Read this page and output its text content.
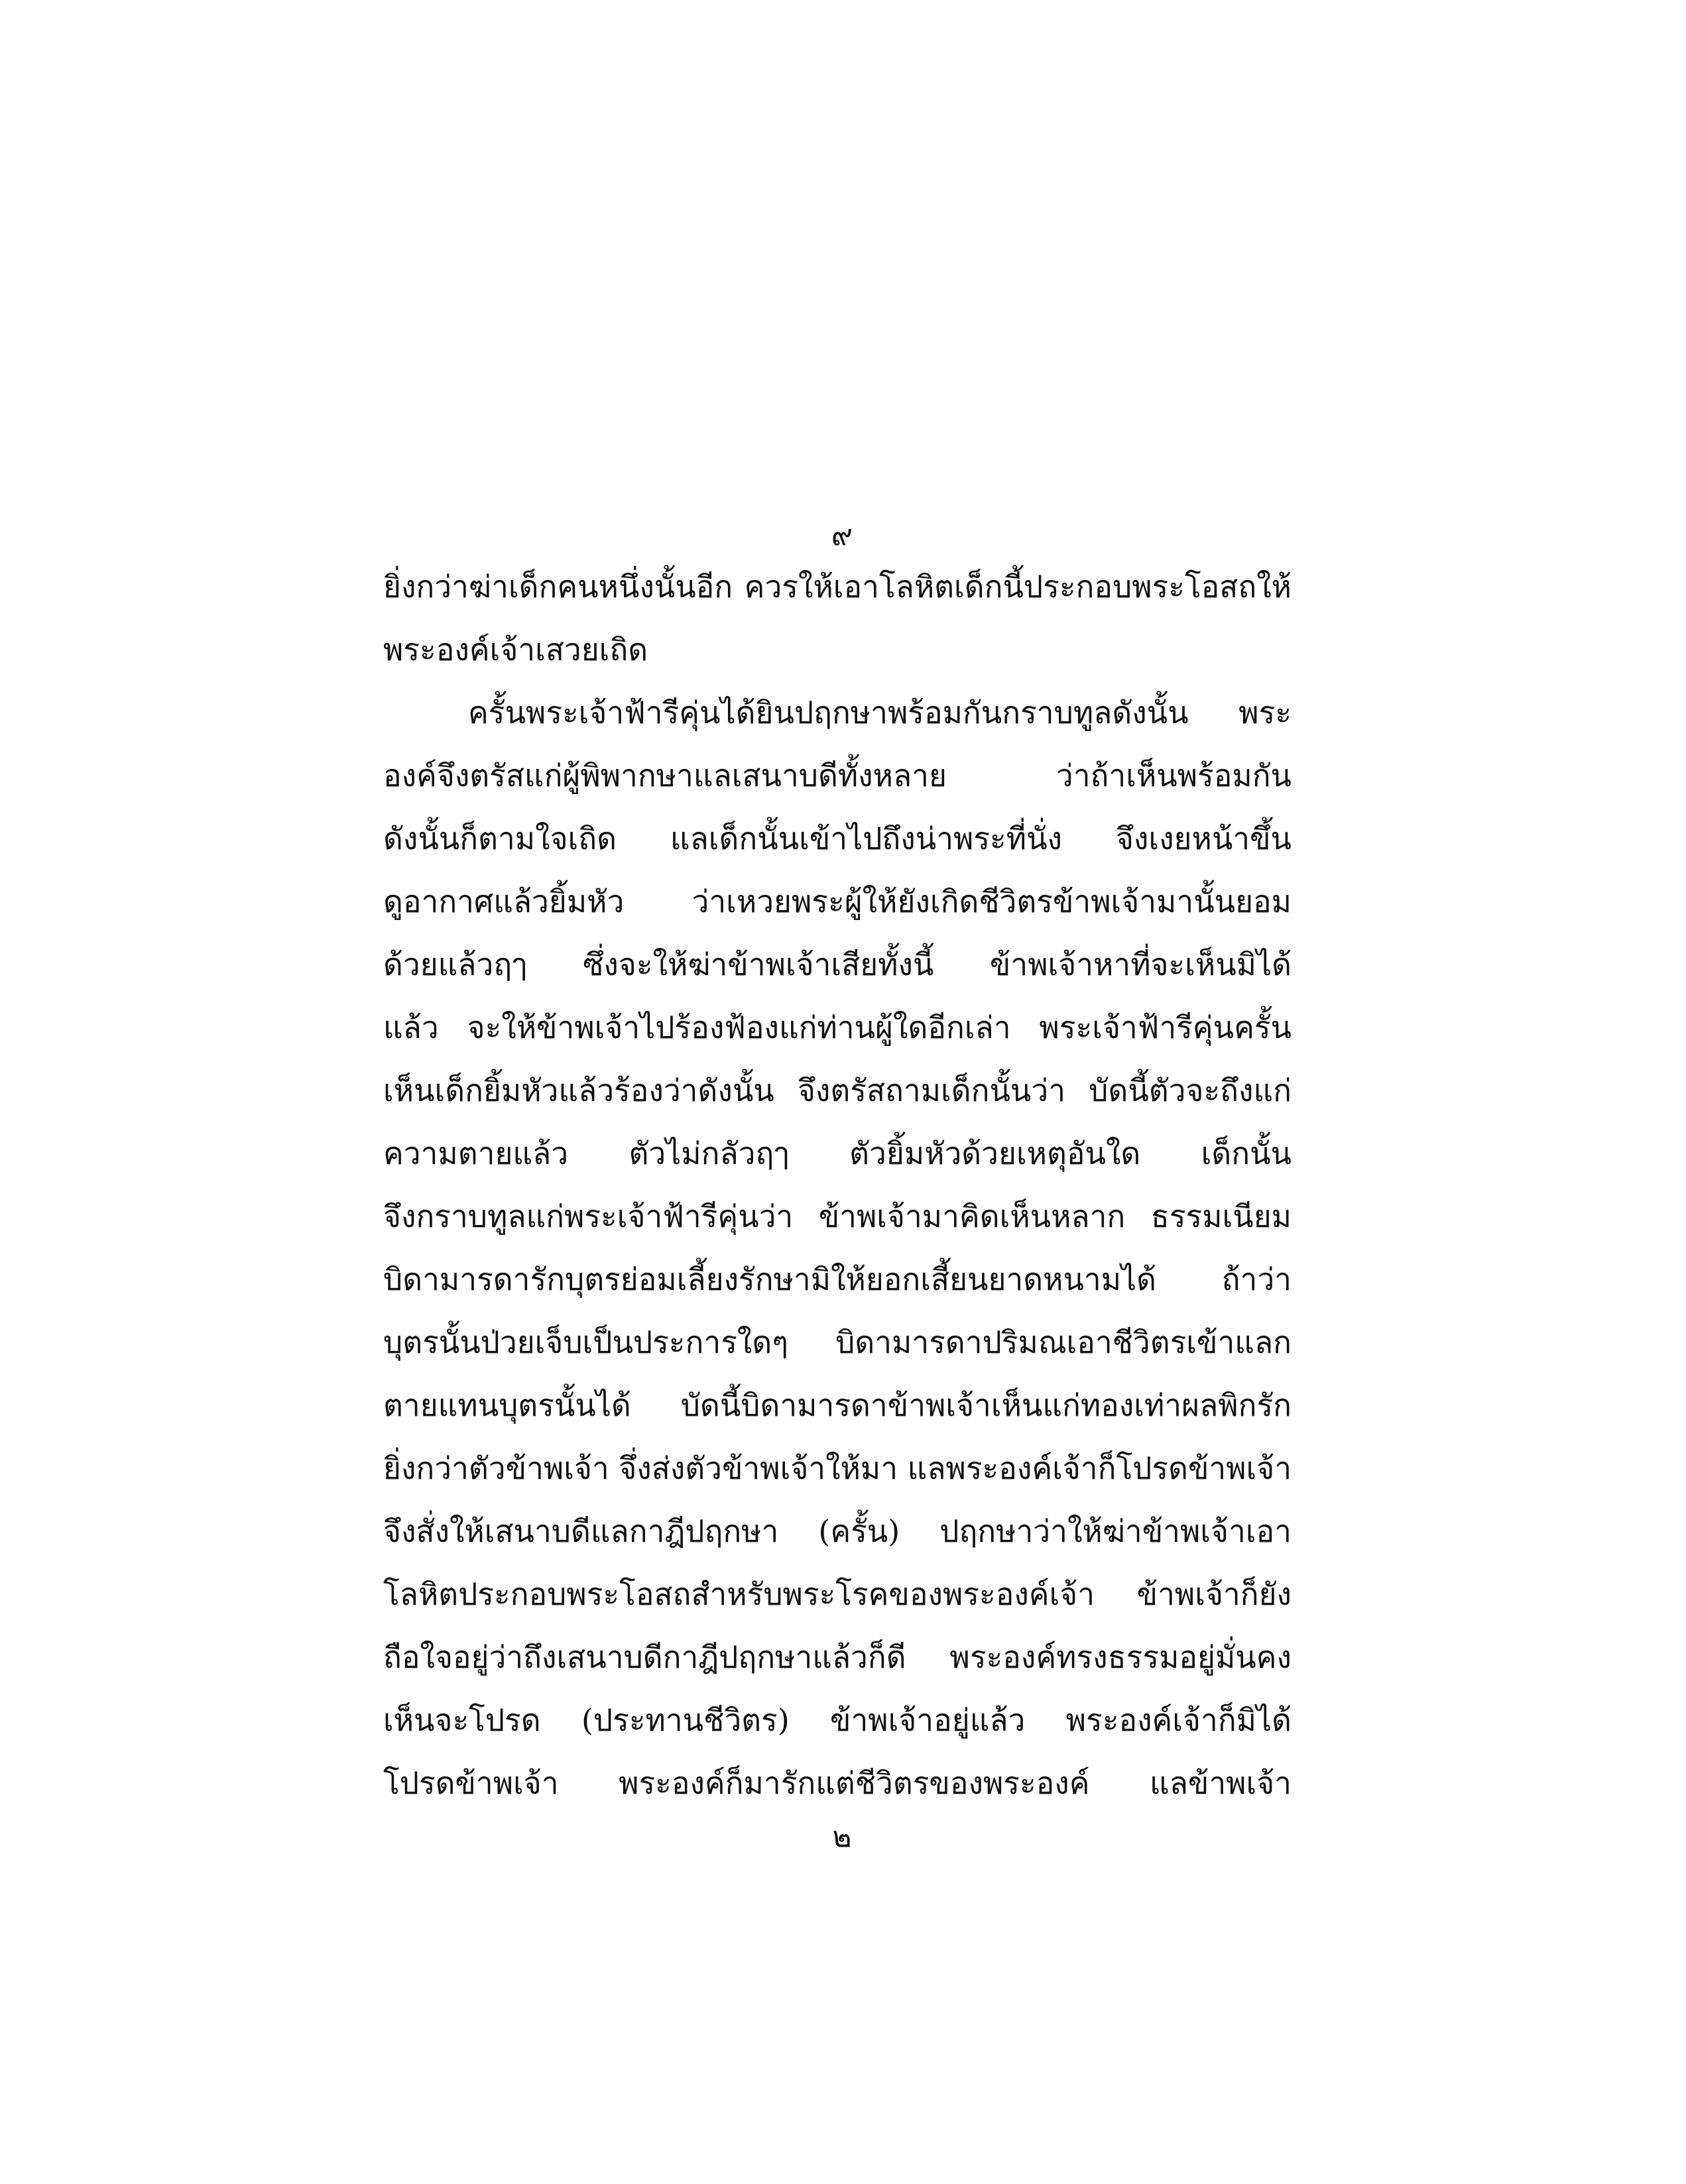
๙
ยิ่งกว่าฆ่าเด็กคนหนึ่งนั้นอีก ควรให้เอาโลหิตเด็กนี้ประกอบพระโอสถให้
พระองค์เจ้าเสวยเถิด
ครั้นพระเจ้าฟ้ารีคุ่นได้ยินปฤกษาพร้อมกันกราบทูลดังนั้น พระ
องค์จึงตรัสแก่ผู้พิพากษาแลเสนาบดีทั้งหลาย ว่าถ้าเห็นพร้อมกัน
ดังนั้นก็ตามใจเถิด แลเด็กนั้นเข้าไปถึงน่าพระที่นั่ง จึงเงยหน้าขึ้น
ดูอากาศแล้วยิ้มหัว ว่าเหวยพระผู้ให้ยังเกิดชีวิตรข้าพเจ้ามานั้นยอม
ด้วยแล้วฤๅ ซึ่งจะให้ฆ่าข้าพเจ้าเสียทั้งนี้ ข้าพเจ้าหาที่จะเห็นมิได้
แล้ว จะให้ข้าพเจ้าไปร้องฟ้องแก่ท่านผู้ใดอีกเล่า พระเจ้าฟ้ารีคุ่นครั้น
เห็นเด็กยิ้มหัวแล้วร้องว่าดังนั้น จึงตรัสถามเด็กนั้นว่า บัดนี้ตัวจะถึงแก่
ความตายแล้ว ตัวไม่กลัวฤๅ ตัวยิ้มหัวด้วยเหตุอันใด เด็กนั้น
จึงกราบทูลแก่พระเจ้าฟ้ารีคุ่นว่า ข้าพเจ้ามาคิดเห็นหลาก ธรรมเนียม
บิดามารดารักบุตรย่อมเลี้ยงรักษามิให้ยอกเสี้ยนยาดหนามได้ ถ้าว่า
บุตรนั้นป่วยเจ็บเป็นประการใดๆ บิดามารดาปริมณเอาชีวิตรเข้าแลก
ตายแทนบุตรนั้นได้ บัดนี้บิดามารดาข้าพเจ้าเห็นแก่ทองเท่าผลพิกรัก
ยิ่งกว่าตัวข้าพเจ้า จึ่งส่งตัวข้าพเจ้าให้มา แลพระองค์เจ้าก็โปรดข้าพเจ้า
จึงสั่งให้เสนาบดีแลกาฎีปฤกษา (ครั้น) ปฤกษาว่าให้ฆ่าข้าพเจ้าเอา
โลหิตประกอบพระโอสถสำหรับพระโรคของพระองค์เจ้า ข้าพเจ้าก็ยัง
ถือใจอยู่ว่าถึงเสนาบดีกาฎีปฤกษาแล้วก็ดี พระองค์ทรงธรรมอยู่มั่นคง
เห็นจะโปรด (ประทานชีวิตร) ข้าพเจ้าอยู่แล้ว พระองค์เจ้าก็มิได้
โปรดข้าพเจ้า พระองค์ก็มารักแต่ชีวิตรของพระองค์ แลข้าพเจ้า
๒
